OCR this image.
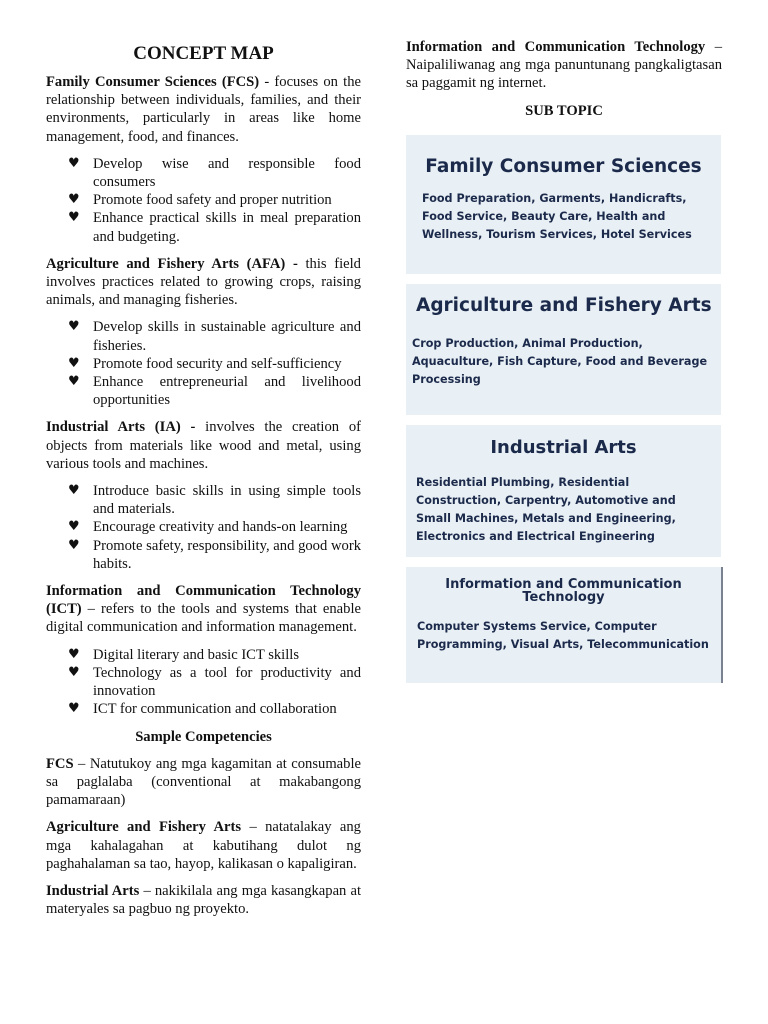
CONCEPT MAP

Family Consumer Sciences (FCS) - focuses on the relationship between individuals, families, and their environments, particularly in areas like home management, food, and finances.

♥ Develop wise and responsible food consumers
♥ Promote food safety and proper nutrition
♥ Enhance practical skills in meal preparation and budgeting.

Agriculture and Fishery Arts (AFA) - this field involves practices related to growing crops, raising animals, and managing fisheries.

♥ Develop skills in sustainable agriculture and fisheries.
♥ Promote food security and self-sufficiency
♥ Enhance entrepreneurial and livelihood opportunities

Industrial Arts (IA) - involves the creation of objects from materials like wood and metal, using various tools and machines.

♥ Introduce basic skills in using simple tools and materials.
♥ Encourage creativity and hands-on learning
♥ Promote safety, responsibility, and good work habits.

Information and Communication Technology (ICT) – refers to the tools and systems that enable digital communication and information management.

♥ Digital literary and basic ICT skills
♥ Technology as a tool for productivity and innovation
♥ ICT for communication and collaboration
Sample Competencies

FCS – Natutukoy ang mga kagamitan at consumable sa paglalaba (conventional at makabangong pamamaraan)

Agriculture and Fishery Arts – natatalakay ang mga kahalagahan at kabutihang dulot ng paghahalaman sa tao, hayop, kalikasan o kapaligiran.

Industrial Arts – nakikilala ang mga kasangkapan at materyales sa pagbuo ng proyekto.

Information and Communication Technology – Naipaliliwanag ang mga panuntunang pangkaligtasan sa paggamit ng internet.

SUB TOPIC
Family Consumer Sciences
Food Preparation, Garments, Handicrafts, Food Service, Beauty Care, Health and Wellness, Tourism Services, Hotel Services
Agriculture and Fishery Arts
Crop Production, Animal Production, Aquaculture, Fish Capture, Food and Beverage Processing
Industrial Arts
Residential Plumbing, Residential Construction, Carpentry, Automotive and Small Machines, Metals and Engineering, Electronics and Electrical Engineering
Information and Communication Technology
Computer Systems Service, Computer Programming, Visual Arts, Telecommunication
